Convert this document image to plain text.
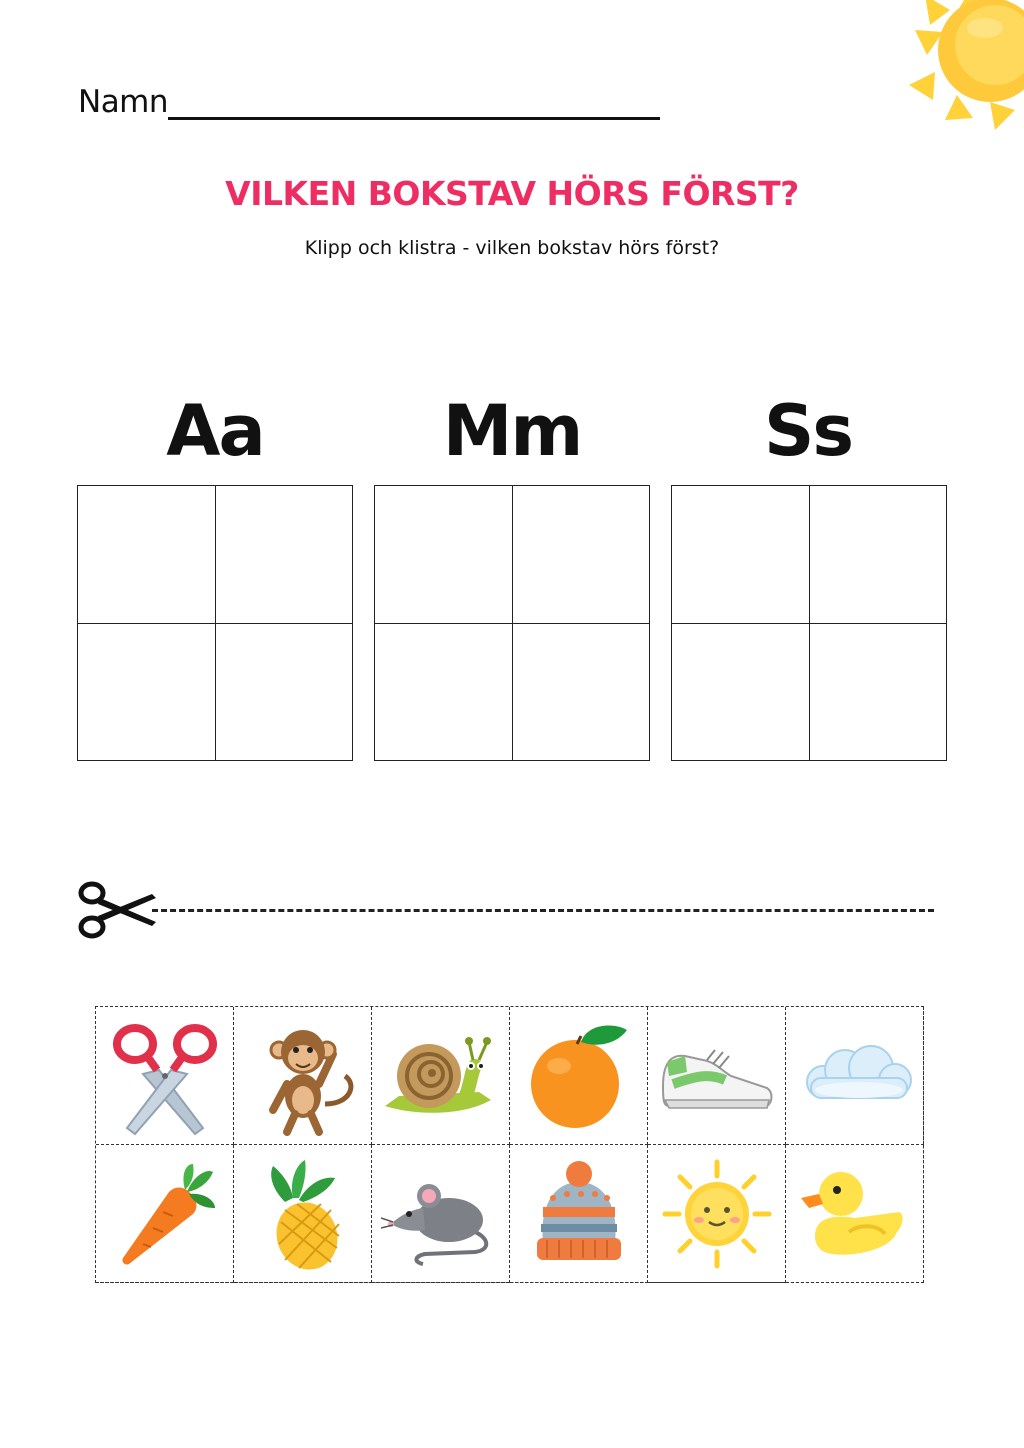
Namn
VILKEN BOKSTAV HÖRS FÖRST?
Klipp och klistra - vilken bokstav hörs först?
Aa	Mm	Ss
